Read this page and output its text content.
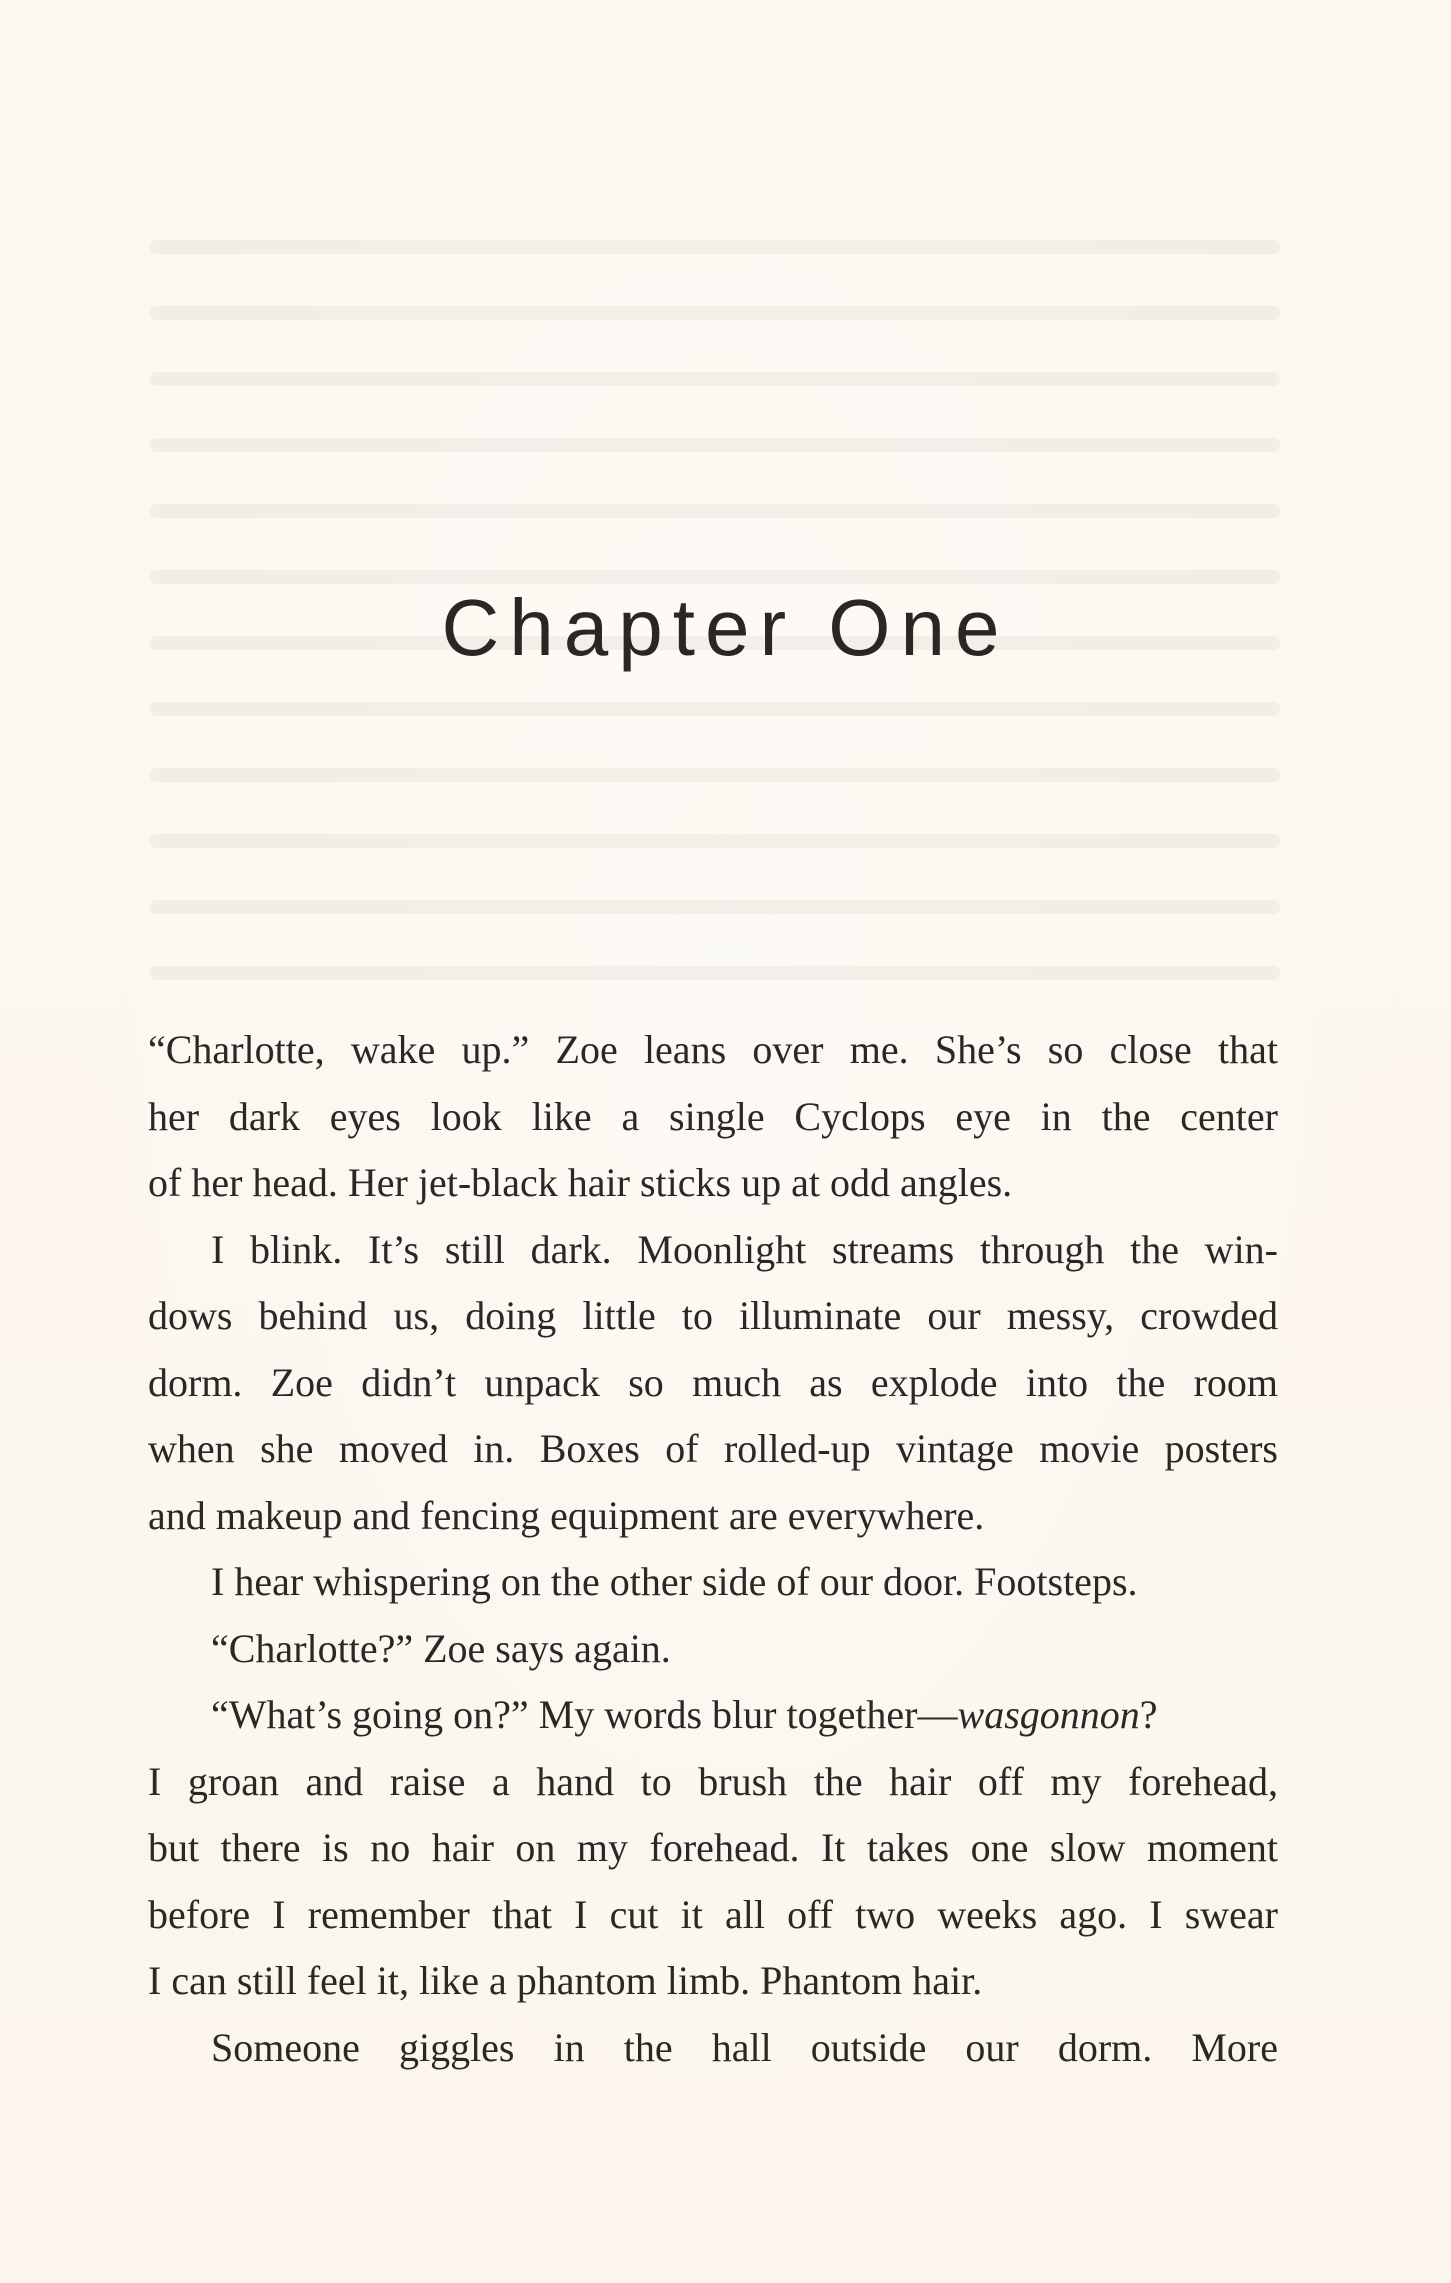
Chapter One
“Charlotte, wake up.” Zoe leans over me. She’s so close that
her dark eyes look like a single Cyclops eye in the center
of her head. Her jet-black hair sticks up at odd angles.
I blink. It’s still dark. Moonlight streams through the win-
dows behind us, doing little to illuminate our messy, crowded
dorm. Zoe didn’t unpack so much as explode into the room
when she moved in. Boxes of rolled-up vintage movie posters
and makeup and fencing equipment are everywhere.
I hear whispering on the other side of our door. Footsteps.
“Charlotte?” Zoe says again.
“What’s going on?” My words blur together—wasgonnon?
I groan and raise a hand to brush the hair off my forehead,
but there is no hair on my forehead. It takes one slow moment
before I remember that I cut it all off two weeks ago. I swear
I can still feel it, like a phantom limb. Phantom hair.
Someone giggles in the hall outside our dorm. More
